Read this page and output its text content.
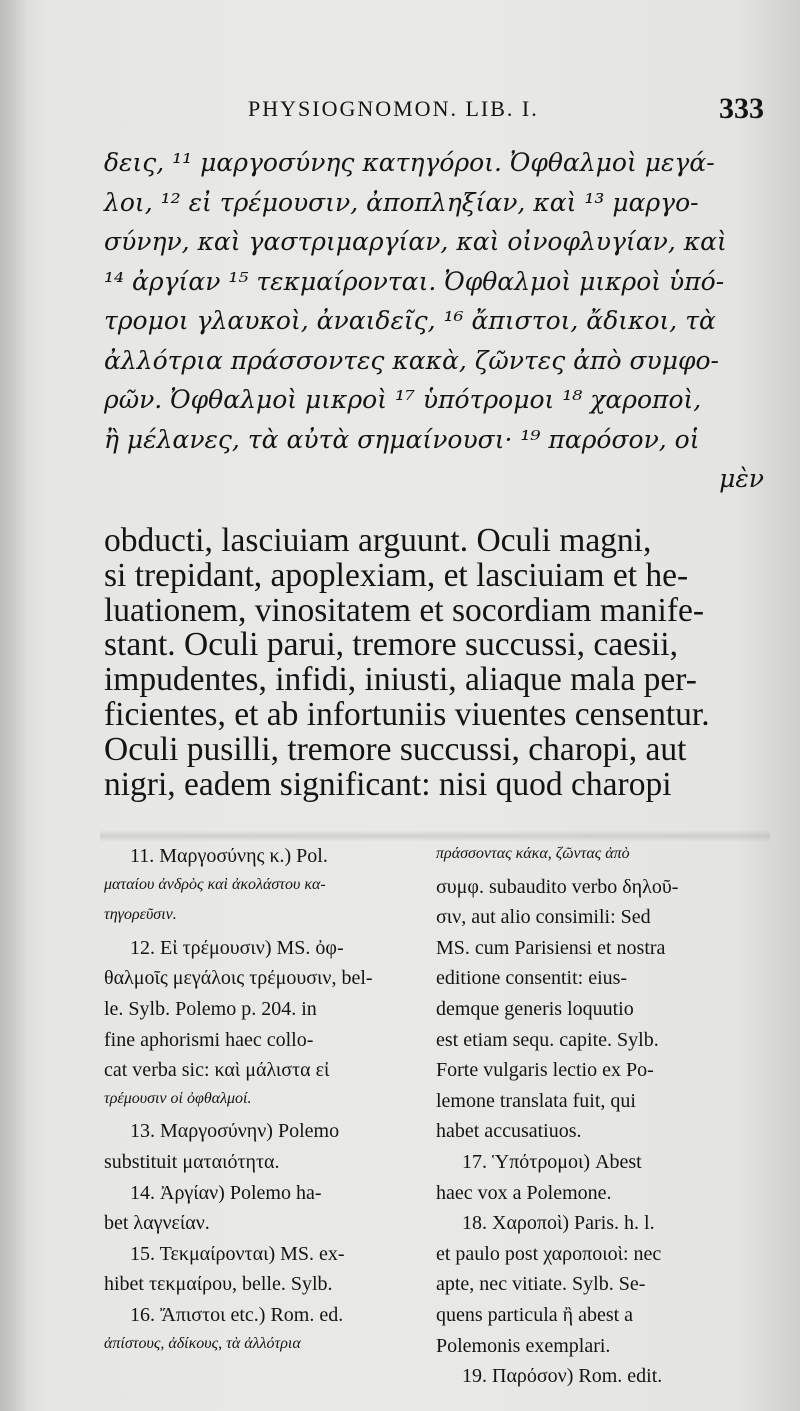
PHYSIOGNOMON. LIB. I.	333
δεις, ¹¹ μαργοσύνης κατηγόροι. Ὀφθαλμοὶ μεγά-
λοι, ¹² εἰ τρέμουσιν, ἀποπληξίαν, καὶ ¹³ μαργο-
σύνην, καὶ γαστριμαργίαν, καὶ οἰνοφλυγίαν, καὶ
¹⁴ ἀργίαν ¹⁵ τεκμαίρονται. Ὀφθαλμοὶ μικροὶ ὑπό-
τρομοι γλαυκοὶ, ἀναιδεῖς, ¹⁶ ἄπιστοι, ἄδικοι, τὰ
ἀλλότρια πράσσοντες κακὰ, ζῶντες ἀπὸ συμφο-
ρῶν. Ὀφθαλμοὶ μικροὶ ¹⁷ ὑπότρομοι ¹⁸ χαροποὶ,
ἢ μέλανες, τὰ αὐτὰ σημαίνουσι· ¹⁹ παρόσον, οἱ
μὲν
obducti, lasciuiam arguunt. Oculi magni,
si trepidant, apoplexiam, et lasciuiam et he-
luationem, vinositatem et socordiam manife-
stant. Oculi parui, tremore succussi, caesii,
impudentes, infidi, iniusti, aliaque mala per-
ficientes, et ab infortuniis viuentes censentur.
Oculi pusilli, tremore succussi, charopi, aut
nigri, eadem significant: nisi quod charopi
11. Μαργοσύνης κ.) Pol.
ματαίου ἀνδρὸς καὶ ἀκολάστου κα-
τηγορεῦσιν.
12. Εἰ τρέμουσιν) MS. ὀφ-
θαλμοῖς μεγάλοις τρέμουσιν, bel-
le. Sylb. Polemo p. 204. in
fine aphorismi haec collo-
cat verba sic: καὶ μάλιστα εἰ
τρέμουσιν οἱ ὀφθαλμοί.
13. Μαργοσύνην) Polemo
substituit ματαιότητα.
14. Ἀργίαν) Polemo ha-
bet λαγνείαν.
15. Τεκμαίρονται) MS. ex-
hibet τεκμαίρου, belle. Sylb.
16. Ἄπιστοι etc.) Rom. ed.
ἀπίστους, ἀδίκους, τὰ ἀλλότρια
πράσσοντας κάκα, ζῶντας ἀπὸ
συμφ. subaudito verbo δηλοῦ-
σιν, aut alio consimili: Sed
MS. cum Parisiensi et nostra
editione consentit: eius-
demque generis loquutio
est etiam sequ. capite. Sylb.
Forte vulgaris lectio ex Po-
lemone translata fuit, qui
habet accusatiuos.
17. Ὑπότρομοι) Abest
haec vox a Polemone.
18. Χαροποὶ) Paris. h. l.
et paulo post χαροποιοὶ: nec
apte, nec vitiate. Sylb. Se-
quens particula ἢ abest a
Polemonis exemplari.
19. Παρόσον) Rom. edit.
